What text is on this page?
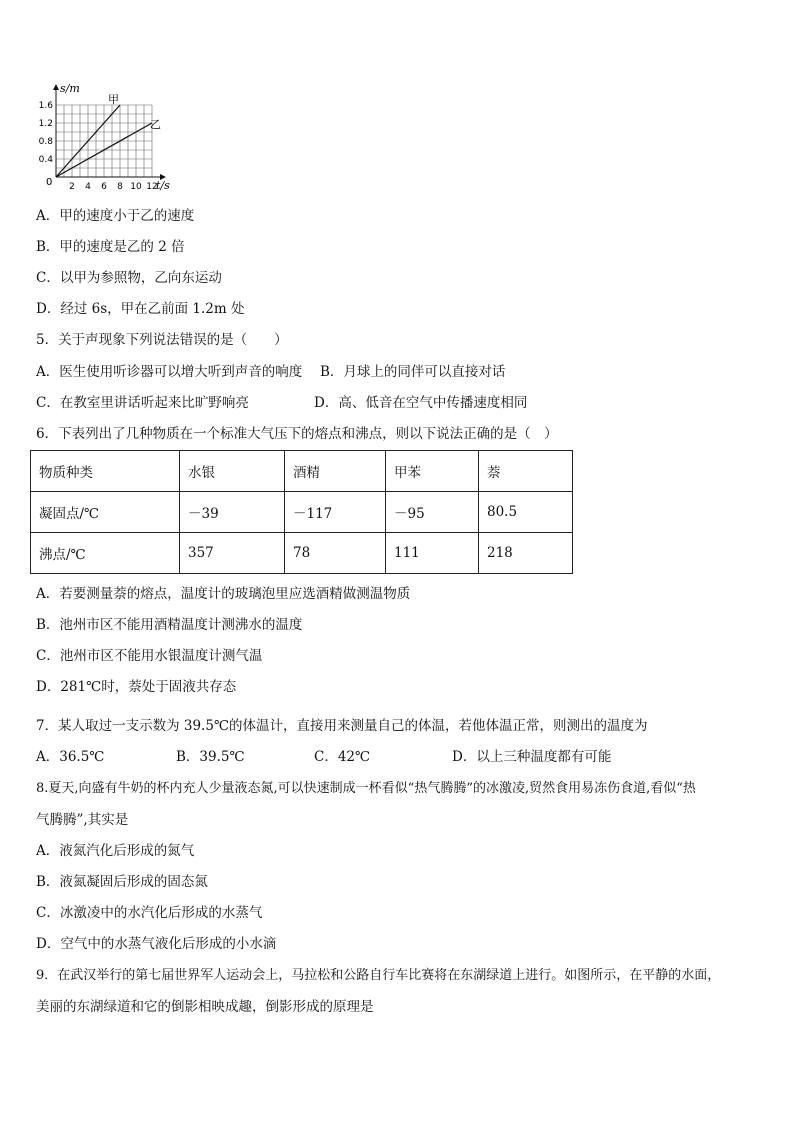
1.6
1.2
0.8
0.4
2 4 6 8 10 12
s/m
t/s
0
甲
乙
A．甲的速度小于乙的速度
B．甲的速度是乙的 2 倍
C．以甲为参照物，乙向东运动
D．经过 6s，甲在乙前面 1.2m 处
5．关于声现象下列说法错误的是（　　）
A．医生使用听诊器可以增大听到声音的响度 B．月球上的同伴可以直接对话
C．在教室里讲话听起来比旷野响亮	D．高、低音在空气中传播速度相同
6．下表列出了几种物质在一个标准大气压下的熔点和沸点，则以下说法正确的是（　）
物质种类	水银	酒精	甲苯	萘
凝固点/℃	－39	－117	－95	80.5
沸点/℃	357	78	111	218
A．若要测量萘的熔点，温度计的玻璃泡里应选酒精做测温物质
B．池州市区不能用酒精温度计测沸水的温度
C．池州市区不能用水银温度计测气温
D．281℃时，萘处于固液共存态
7．某人取过一支示数为 39.5℃的体温计，直接用来测量自己的体温，若他体温正常，则测出的温度为
A．36.5℃	B．39.5℃	C．42℃	D．以上三种温度都有可能
8.夏天,向盛有牛奶的杯内充人少量液态氮,可以快速制成一杯看似“热气腾腾”的冰激凌,贸然食用易冻伤食道,看似“热
气腾腾”,其实是
A．液氮汽化后形成的氮气
B．液氮凝固后形成的固态氮
C．冰激凌中的水汽化后形成的水蒸气
D．空气中的水蒸气液化后形成的小水滴
9．在武汉举行的第七届世界军人运动会上，马拉松和公路自行车比赛将在东湖绿道上进行。如图所示，在平静的水面，
美丽的东湖绿道和它的倒影相映成趣，倒影形成的原理是
